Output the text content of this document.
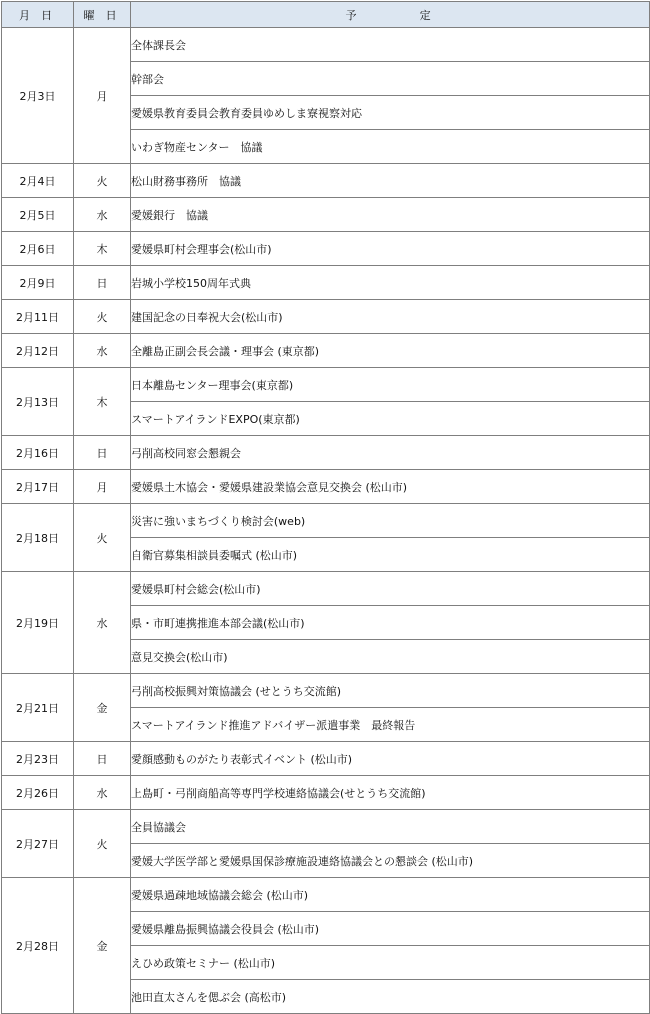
月 日	曜 日	予　　　　定
2月3日	月	全体課長会
		幹部会
		愛媛県教育委員会教育委員ゆめしま寮視察対応
		いわぎ物産センター　協議
2月4日	火	松山財務事務所　協議
2月5日	水	愛媛銀行　協議
2月6日	木	愛媛県町村会理事会(松山市)
2月9日	日	岩城小学校150周年式典
2月11日	火	建国記念の日奉祝大会(松山市)
2月12日	水	全離島正副会長会議・理事会 (東京都)
2月13日	木	日本離島センター理事会(東京都)
		スマートアイランドEXPO(東京都)
2月16日	日	弓削高校同窓会懇親会
2月17日	月	愛媛県土木協会・愛媛県建設業協会意見交換会 (松山市)
2月18日	火	災害に強いまちづくり検討会(web)
		自衛官募集相談員委嘱式 (松山市)
2月19日	水	愛媛県町村会総会(松山市)
		県・市町連携推進本部会議(松山市)
		意見交換会(松山市)
2月21日	金	弓削高校振興対策協議会 (せとうち交流館)
		スマートアイランド推進アドバイザー派遣事業　最終報告
2月23日	日	愛顔感動ものがたり表彰式イベント (松山市)
2月26日	水	上島町・弓削商船高等専門学校連絡協議会(せとうち交流館)
2月27日	火	全員協議会
		愛媛大学医学部と愛媛県国保診療施設連絡協議会との懇談会 (松山市)
2月28日	金	愛媛県過疎地域協議会総会 (松山市)
		愛媛県離島振興協議会役員会 (松山市)
		えひめ政策セミナー (松山市)
		池田直太さんを偲ぶ会 (高松市)
